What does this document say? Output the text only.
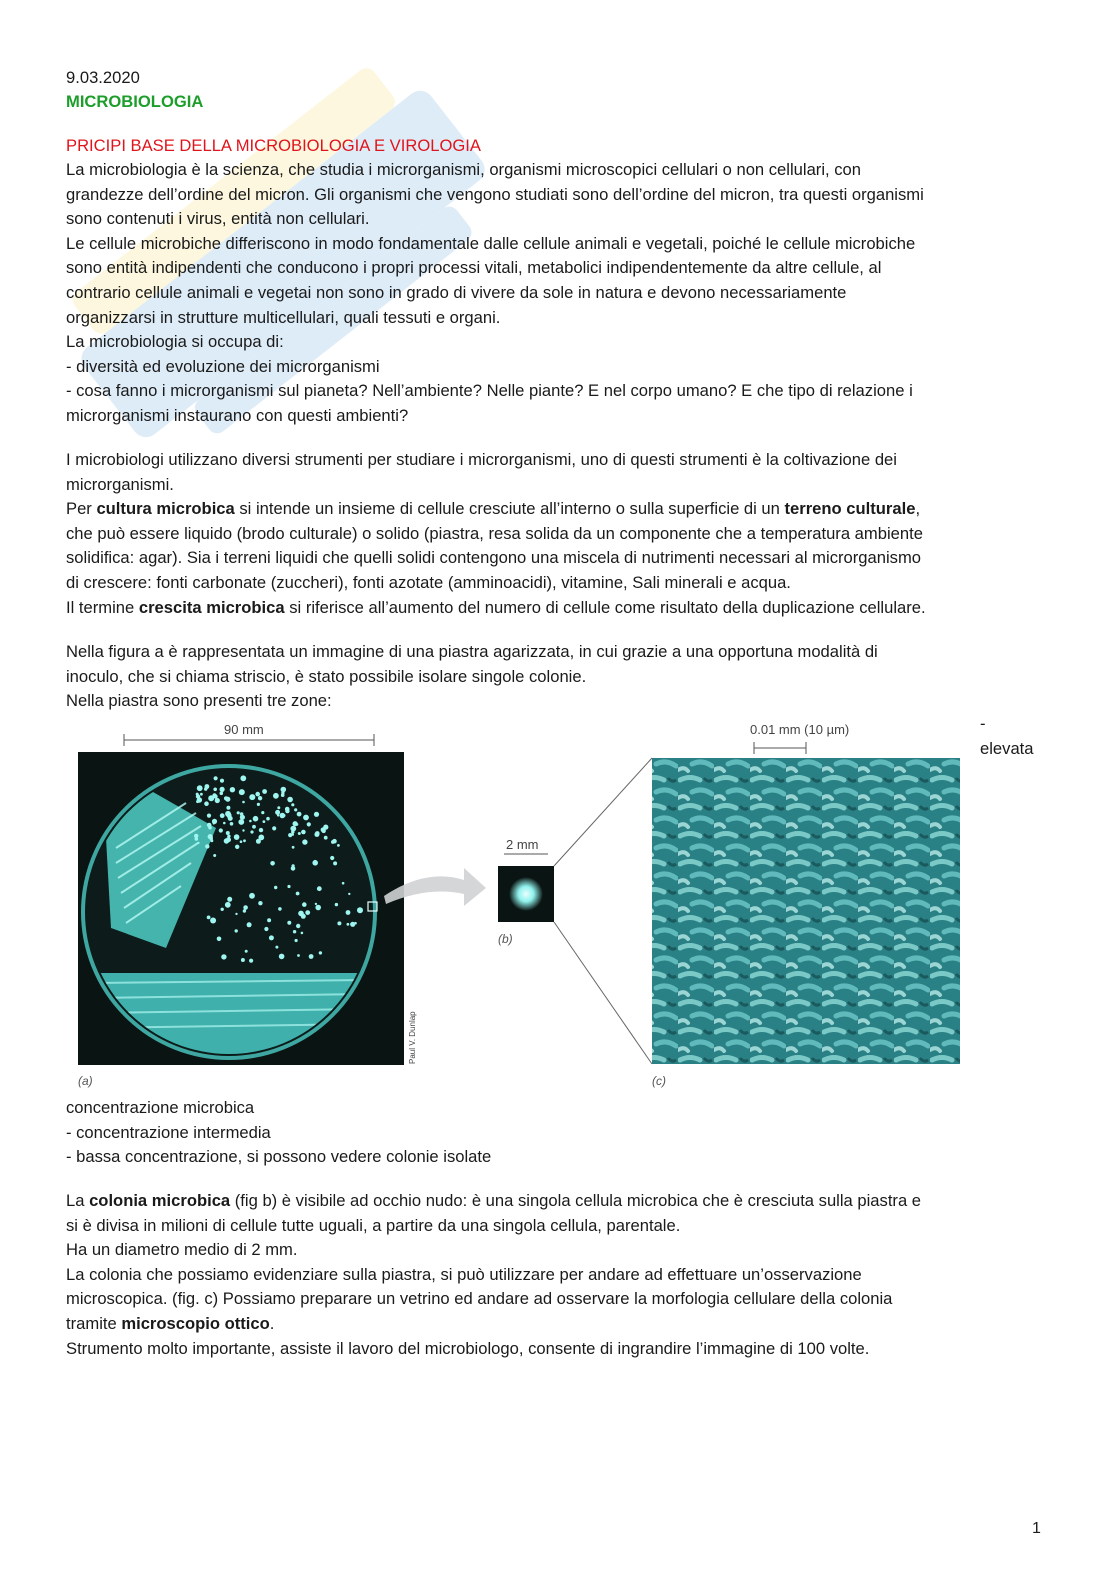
9.03.2020
MICROBIOLOGIA
PRICIPI BASE DELLA MICROBIOLOGIA E VIROLOGIA
La microbiologia è la scienza, che studia i microrganismi, organismi microscopici cellulari o non cellulari, con
grandezze dell’ordine del micron. Gli organismi che vengono studiati sono dell’ordine del micron, tra questi organismi
sono contenuti i virus, entità non cellulari.
Le cellule microbiche differiscono in modo fondamentale dalle cellule animali e vegetali, poiché le cellule microbiche
sono entità indipendenti che conducono i propri processi vitali, metabolici indipendentemente da altre cellule, al
contrario cellule animali e vegetai non sono in grado di vivere da sole in natura e devono necessariamente
organizzarsi in strutture multicellulari, quali tessuti e organi.
La microbiologia si occupa di:
- diversità ed evoluzione dei microrganismi
- cosa fanno i microrganismi sul pianeta? Nell’ambiente? Nelle piante? E nel corpo umano? E che tipo di relazione i
microrganismi instaurano con questi ambienti?
I microbiologi utilizzano diversi strumenti per studiare i microrganismi, uno di questi strumenti è la coltivazione dei
microrganismi.
Per cultura microbica si intende un insieme di cellule cresciute all’interno o sulla superficie di un terreno culturale,
che può essere liquido (brodo culturale) o solido (piastra, resa solida da un componente che a temperatura ambiente
solidifica: agar). Sia i terreni liquidi che quelli solidi contengono una miscela di nutrimenti necessari al microrganismo
di crescere: fonti carbonate (zuccheri), fonti azotate (amminoacidi), vitamine, Sali minerali e acqua.
Il termine crescita microbica si riferisce all’aumento del numero di cellule come risultato della duplicazione cellulare.
Nella figura a è rappresentata un immagine di una piastra agarizzata, in cui grazie a una opportuna modalità di
inoculo, che si chiama striscio, è stato possibile isolare singole colonie.
Nella piastra sono presenti tre zone:
-
elevata
90 mm
2 mm
0.01 mm (10 µm)
Paul V. Dunlap
(a)
(b)
(c)
concentrazione microbica
- concentrazione intermedia
- bassa concentrazione, si possono vedere colonie isolate
La colonia microbica (fig b) è visibile ad occhio nudo: è una singola cellula microbica che è cresciuta sulla piastra e
si è divisa in milioni di cellule tutte uguali, a partire da una singola cellula, parentale.
Ha un diametro medio di 2 mm.
La colonia che possiamo evidenziare sulla piastra, si può utilizzare per andare ad effettuare un’osservazione
microscopica. (fig. c) Possiamo preparare un vetrino ed andare ad osservare la morfologia cellulare della colonia
tramite microscopio ottico.
Strumento molto importante, assiste il lavoro del microbiologo, consente di ingrandire l’immagine di 100 volte.
1
